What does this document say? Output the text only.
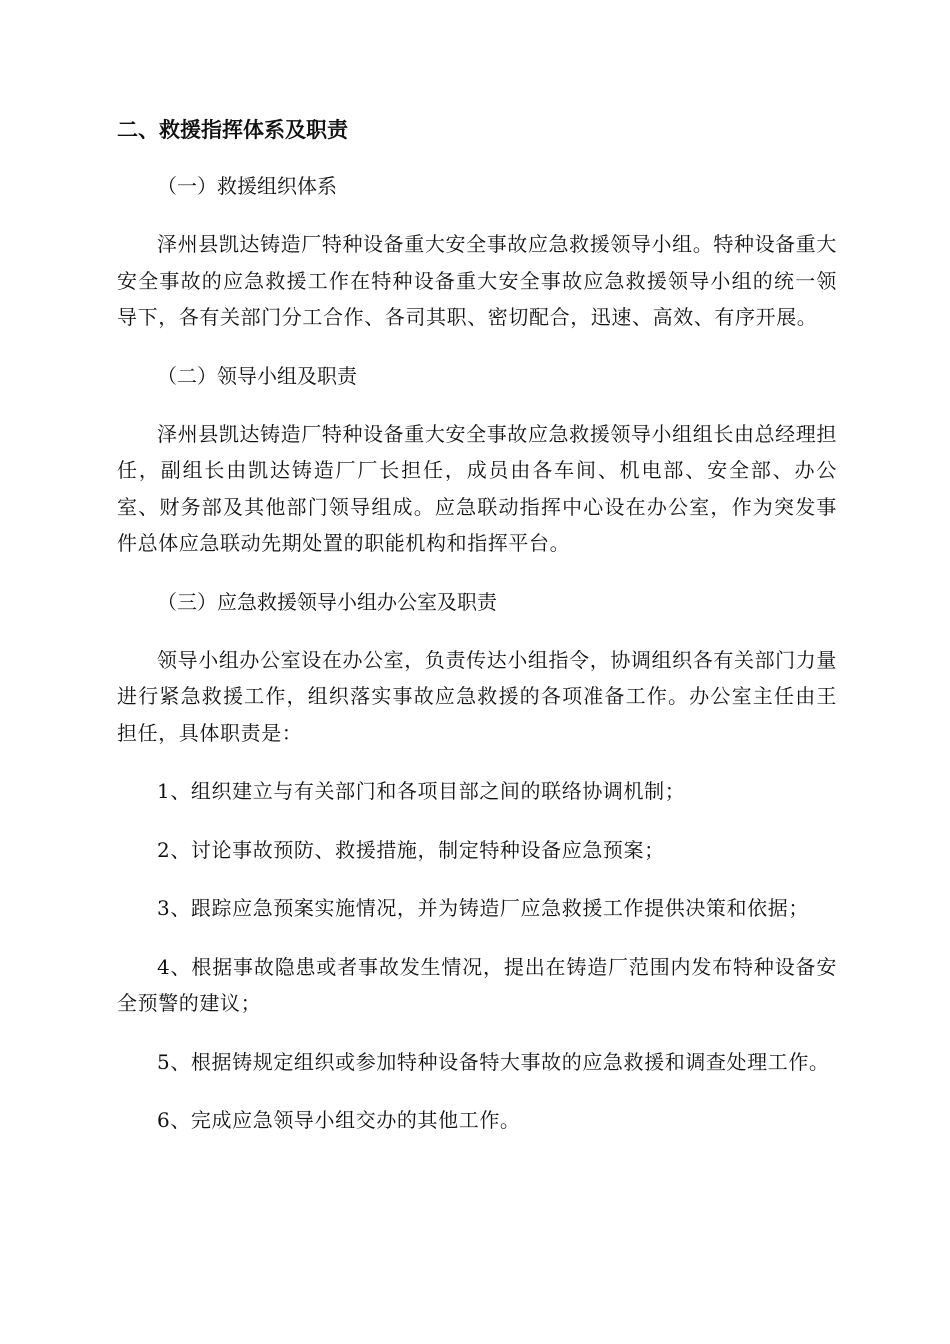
二、救援指挥体系及职责

（一）救援组织体系

泽州县凯达铸造厂特种设备重大安全事故应急救援领导小组。特种设备重大安全事故的应急救援工作在特种设备重大安全事故应急救援领导小组的统一领导下，各有关部门分工合作、各司其职、密切配合，迅速、高效、有序开展。

（二）领导小组及职责

泽州县凯达铸造厂特种设备重大安全事故应急救援领导小组组长由总经理担任，副组长由凯达铸造厂厂长担任，成员由各车间、机电部、安全部、办公室、财务部及其他部门领导组成。应急联动指挥中心设在办公室，作为突发事件总体应急联动先期处置的职能机构和指挥平台。

（三）应急救援领导小组办公室及职责

领导小组办公室设在办公室，负责传达小组指令，协调组织各有关部门力量进行紧急救援工作，组织落实事故应急救援的各项准备工作。办公室主任由王担任，具体职责是：

1、组织建立与有关部门和各项目部之间的联络协调机制；

2、讨论事故预防、救援措施，制定特种设备应急预案；

3、跟踪应急预案实施情况，并为铸造厂应急救援工作提供决策和依据；

4、根据事故隐患或者事故发生情况，提出在铸造厂范围内发布特种设备安全预警的建议；

5、根据铸规定组织或参加特种设备特大事故的应急救援和调查处理工作。

6、完成应急领导小组交办的其他工作。
